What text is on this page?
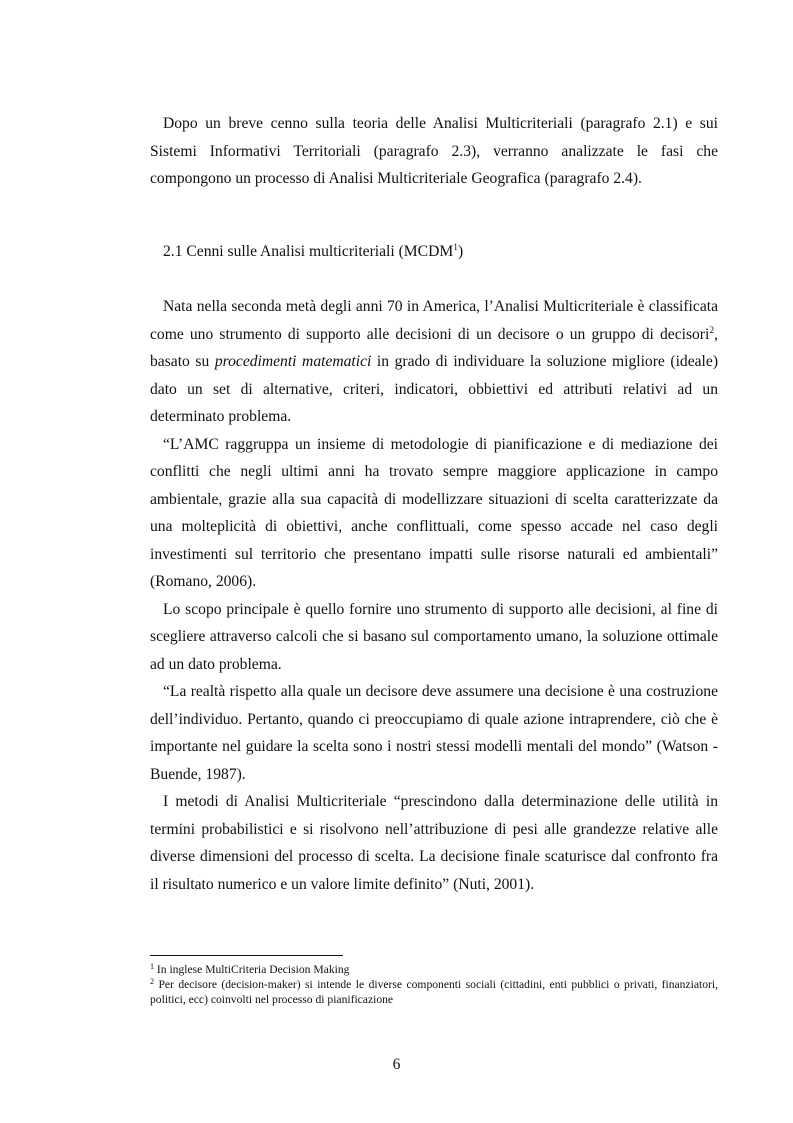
Dopo un breve cenno sulla teoria delle Analisi Multicriteriali (paragrafo 2.1) e sui Sistemi Informativi Territoriali (paragrafo 2.3), verranno analizzate le fasi che compongono un processo di Analisi Multicriteriale Geografica (paragrafo 2.4).

2.1 Cenni sulle Analisi multicriteriali (MCDM$^1$)

Nata nella seconda metà degli anni 70 in America, l’Analisi Multicriteriale è classificata come uno strumento di supporto alle decisioni di un decisore o un gruppo di decisori$^2$, basato su procedimenti matematici in grado di individuare la soluzione migliore (ideale) dato un set di alternative, criteri, indicatori, obbiettivi ed attributi relativi ad un determinato problema.

“L’AMC raggruppa un insieme di metodologie di pianificazione e di mediazione dei conflitti che negli ultimi anni ha trovato sempre maggiore applicazione in campo ambientale, grazie alla sua capacità di modellizzare situazioni di scelta caratterizzate da una molteplicità di obiettivi, anche conflittuali, come spesso accade nel caso degli investimenti sul territorio che presentano impatti sulle risorse naturali ed ambientali” (Romano, 2006).

Lo scopo principale è quello fornire uno strumento di supporto alle decisioni, al fine di scegliere attraverso calcoli che si basano sul comportamento umano, la soluzione ottimale ad un dato problema.

“La realtà rispetto alla quale un decisore deve assumere una decisione è una costruzione dell’individuo. Pertanto, quando ci preoccupiamo di quale azione intraprendere, ciò che è importante nel guidare la scelta sono i nostri stessi modelli mentali del mondo” (Watson - Buende, 1987).

I metodi di Analisi Multicriteriale “prescindono dalla determinazione delle utilità in termini probabilistici e si risolvono nell’attribuzione di pesi alle grandezze relative alle diverse dimensioni del processo di scelta. La decisione finale scaturisce dal confronto fra il risultato numerico e un valore limite definito” (Nuti, 2001).

$^1$ In inglese MultiCriteria Decision Making

$^2$ Per decisore (decision-maker) si intende le diverse componenti sociali (cittadini, enti pubblici o privati, finanziatori, politici, ecc) coinvolti nel processo di pianificazione

6
